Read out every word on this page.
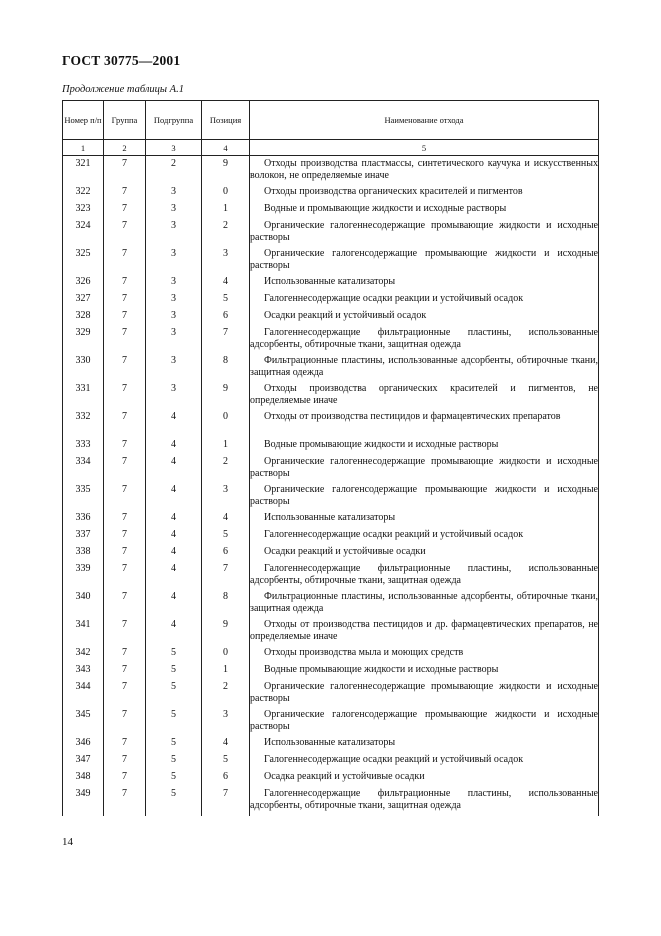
ГОСТ 30775—2001
Продолжение таблицы А.1
Номер п/п	Группа	Подгруппа	Позиция	Наименование отхода
1	2	3	4	5
321	7	2	9	Отходы производства пластмассы, синтетического каучука и искусственных волокон, не определяемые иначе

322	7	3	0	Отходы производства органических красителей и пигментов

323	7	3	1	Водные и промывающие жидкости и исходные растворы

324	7	3	2	Органические галогеннесодержащие промывающие жидкости и исходные растворы

325	7	3	3	Органические галогенсодержащие промывающие жидкости и исходные растворы

326	7	3	4	Использованные катализаторы

327	7	3	5	Галогеннесодержащие осадки реакции и устойчивый осадок

328	7	3	6	Осадки реакций и устойчивый осадок

329	7	3	7	Галогеннесодержащие фильтрационные пластины, использованные адсорбенты, обтирочные ткани, защитная одежда

330	7	3	8	Фильтрационные пластины, использованные адсорбенты, обтирочные ткани, защитная одежда

331	7	3	9	Отходы производства органических красителей и пигментов, не определяемые иначе

332	7	4	0	Отходы от производства пестицидов и фармацевтических препаратов

333	7	4	1	Водные промывающие жидкости и исходные растворы

334	7	4	2	Органические галогеннесодержащие промывающие жидкости и исходные растворы

335	7	4	3	Органические галогенсодержащие промывающие жидкости и исходные растворы

336	7	4	4	Использованные катализаторы

337	7	4	5	Галогеннесодержащие осадки реакций и устойчивый осадок

338	7	4	6	Осадки реакций и устойчивые осадки

339	7	4	7	Галогеннесодержащие фильтрационные пластины, использованные адсорбенты, обтирочные ткани, защитная одежда

340	7	4	8	Фильтрационные пластины, использованные адсорбенты, обтирочные ткани, защитная одежда

341	7	4	9	Отходы от производства пестицидов и др. фармацевтических препаратов, не определяемые иначе

342	7	5	0	Отходы производства мыла и моющих средств

343	7	5	1	Водные промывающие жидкости и исходные растворы

344	7	5	2	Органические галогеннесодержащие промывающие жидкости и исходные растворы

345	7	5	3	Органические галогенсодержащие промывающие жидкости и исходные растворы

346	7	5	4	Использованные катализаторы

347	7	5	5	Галогеннесодержащие осадки реакций и устойчивый осадок

348	7	5	6	Осадка реакций и устойчивые осадки

349	7	5	7	Галогеннесодержащие фильтрационные пластины, использованные адсорбенты, обтирочные ткани, защитная одежда
14
